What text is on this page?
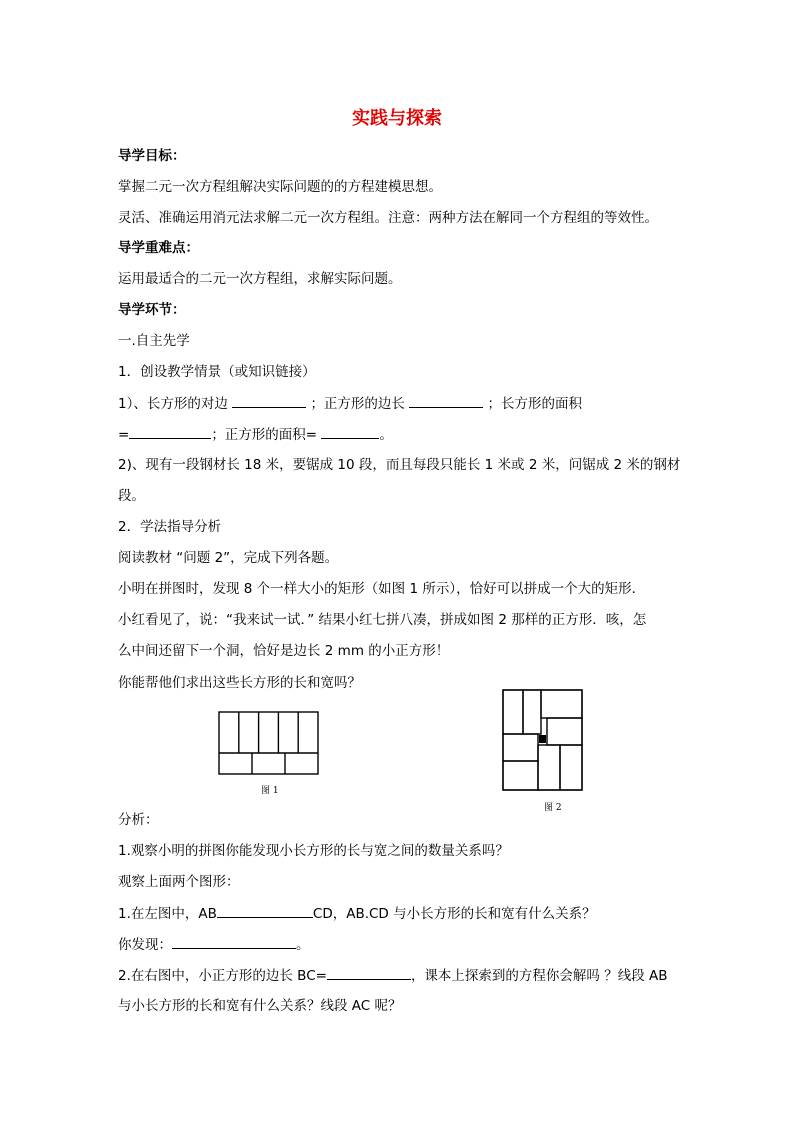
实践与探索
导学目标：
掌握二元一次方程组解决实际问题的的方程建模思想。
灵活、准确运用消元法求解二元一次方程组。注意：两种方法在解同一个方程组的等效性。
导学重难点：
运用最适合的二元一次方程组，求解实际问题。
导学环节：
一.自主先学
1．创设教学情景（或知识链接）
1）、长方形的对边	；正方形的边长	；长方形的面积
=	；正方形的面积=	。
2)、现有一段钢材长 18 米，要锯成 10 段，而且每段只能长 1 米或 2 米，问锯成 2 米的钢材
段。
2．学法指导分析
阅读教材 “问题 2”，完成下列各题。
小明在拼图时，发现 8 个一样大小的矩形（如图 1 所示），恰好可以拼成一个大的矩形．
小红看见了，说：“我来试一试．” 结果小红七拼八凑，拼成如图 2 那样的正方形．咳，怎
么中间还留下一个洞，恰好是边长 2 mm 的小正方形！
你能帮他们求出这些长方形的长和宽吗？
图 1
图 2
分析：
1.观察小明的拼图你能发现小长方形的长与宽之间的数量关系吗？
观察上面两个图形：
1.在左图中，AB	CD，AB.CD 与小长方形的长和宽有什么关系？
你发现：	。
2.在右图中，小正方形的边长 BC=	，课本上探索到的方程你会解吗 ？线段 AB
与小长方形的长和宽有什么关系？线段 AC 呢？
